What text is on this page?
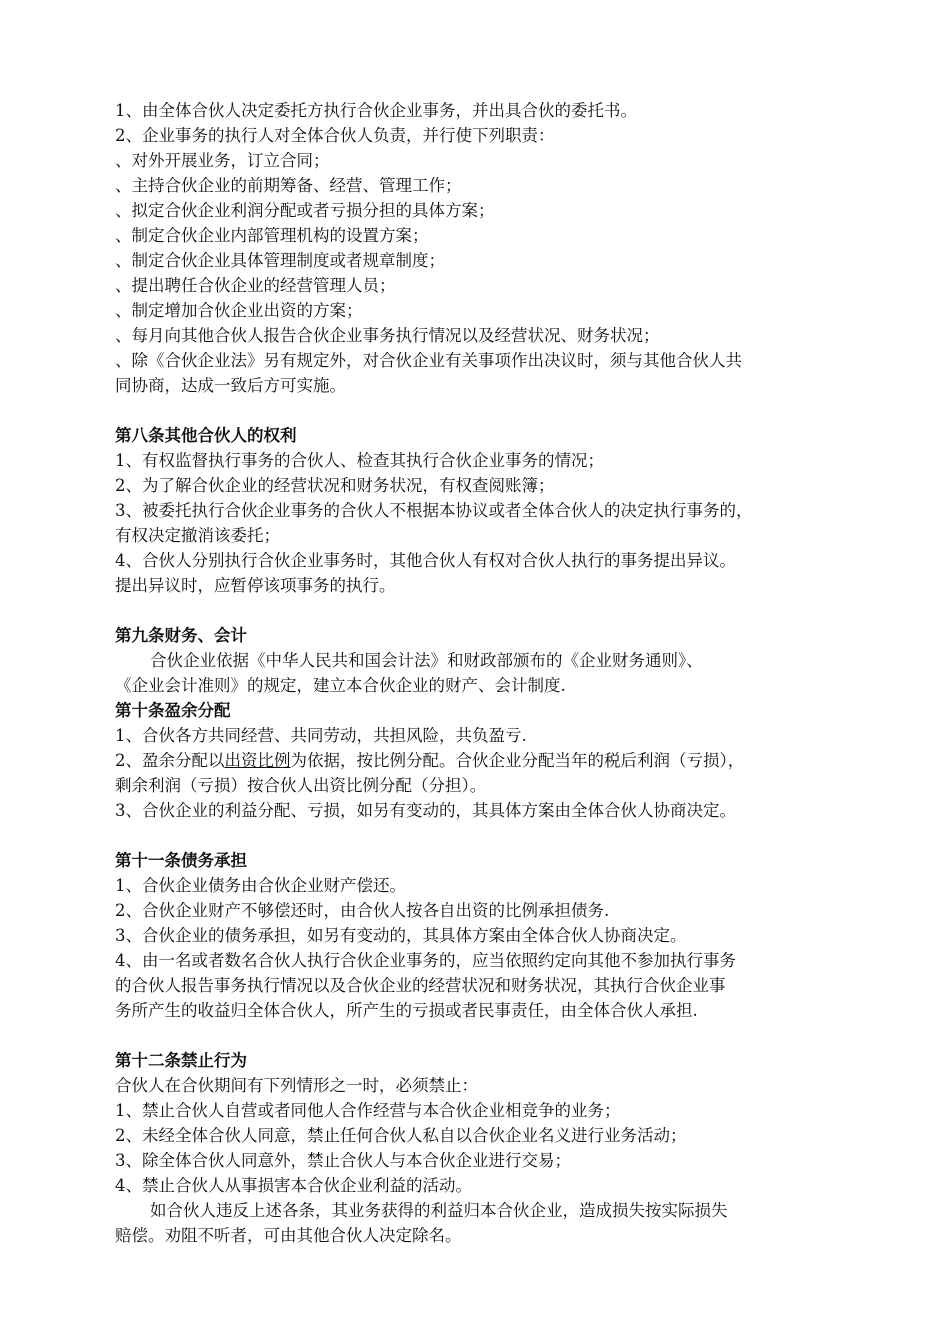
1、由全体合伙人决定委托方执行合伙企业事务，并出具合伙的委托书。
2、企业事务的执行人对全体合伙人负责，并行使下列职责：
、对外开展业务，订立合同；
、主持合伙企业的前期筹备、经营、管理工作；
、拟定合伙企业利润分配或者亏损分担的具体方案；
、制定合伙企业内部管理机构的设置方案；
、制定合伙企业具体管理制度或者规章制度；
、提出聘任合伙企业的经营管理人员；
、制定增加合伙企业出资的方案；
、每月向其他合伙人报告合伙企业事务执行情况以及经营状况、财务状况；
、除《合伙企业法》另有规定外，对合伙企业有关事项作出决议时，须与其他合伙人共
同协商，达成一致后方可实施。
第八条其他合伙人的权利
1、有权监督执行事务的合伙人、检查其执行合伙企业事务的情况；
2、为了解合伙企业的经营状况和财务状况，有权查阅账簿；
3、被委托执行合伙企业事务的合伙人不根据本协议或者全体合伙人的决定执行事务的，
有权决定撤消该委托；
4、合伙人分别执行合伙企业事务时，其他合伙人有权对合伙人执行的事务提出异议。
提出异议时，应暂停该项事务的执行。
第九条财务、会计
合伙企业依据《中华人民共和国会计法》和财政部颁布的《企业财务通则》、
《企业会计准则》的规定，建立本合伙企业的财产、会计制度.
第十条盈余分配
1、合伙各方共同经营、共同劳动，共担风险，共负盈亏.
2、盈余分配以出资比例为依据，按比例分配。合伙企业分配当年的税后利润（亏损），
剩余利润（亏损）按合伙人出资比例分配（分担）。
3、合伙企业的利益分配、亏损，如另有变动的，其具体方案由全体合伙人协商决定。
第十一条债务承担
1、合伙企业债务由合伙企业财产偿还。
2、合伙企业财产不够偿还时，由合伙人按各自出资的比例承担债务.
3、合伙企业的债务承担，如另有变动的，其具体方案由全体合伙人协商决定。
4、由一名或者数名合伙人执行合伙企业事务的，应当依照约定向其他不参加执行事务
的合伙人报告事务执行情况以及合伙企业的经营状况和财务状况，其执行合伙企业事
务所产生的收益归全体合伙人，所产生的亏损或者民事责任，由全体合伙人承担.
第十二条禁止行为
合伙人在合伙期间有下列情形之一时，必须禁止：
1、禁止合伙人自营或者同他人合作经营与本合伙企业相竞争的业务；
2、未经全体合伙人同意，禁止任何合伙人私自以合伙企业名义进行业务活动；
3、除全体合伙人同意外，禁止合伙人与本合伙企业进行交易；
4、禁止合伙人从事损害本合伙企业利益的活动。
如合伙人违反上述各条，其业务获得的利益归本合伙企业，造成损失按实际损失
赔偿。劝阻不听者，可由其他合伙人决定除名。
